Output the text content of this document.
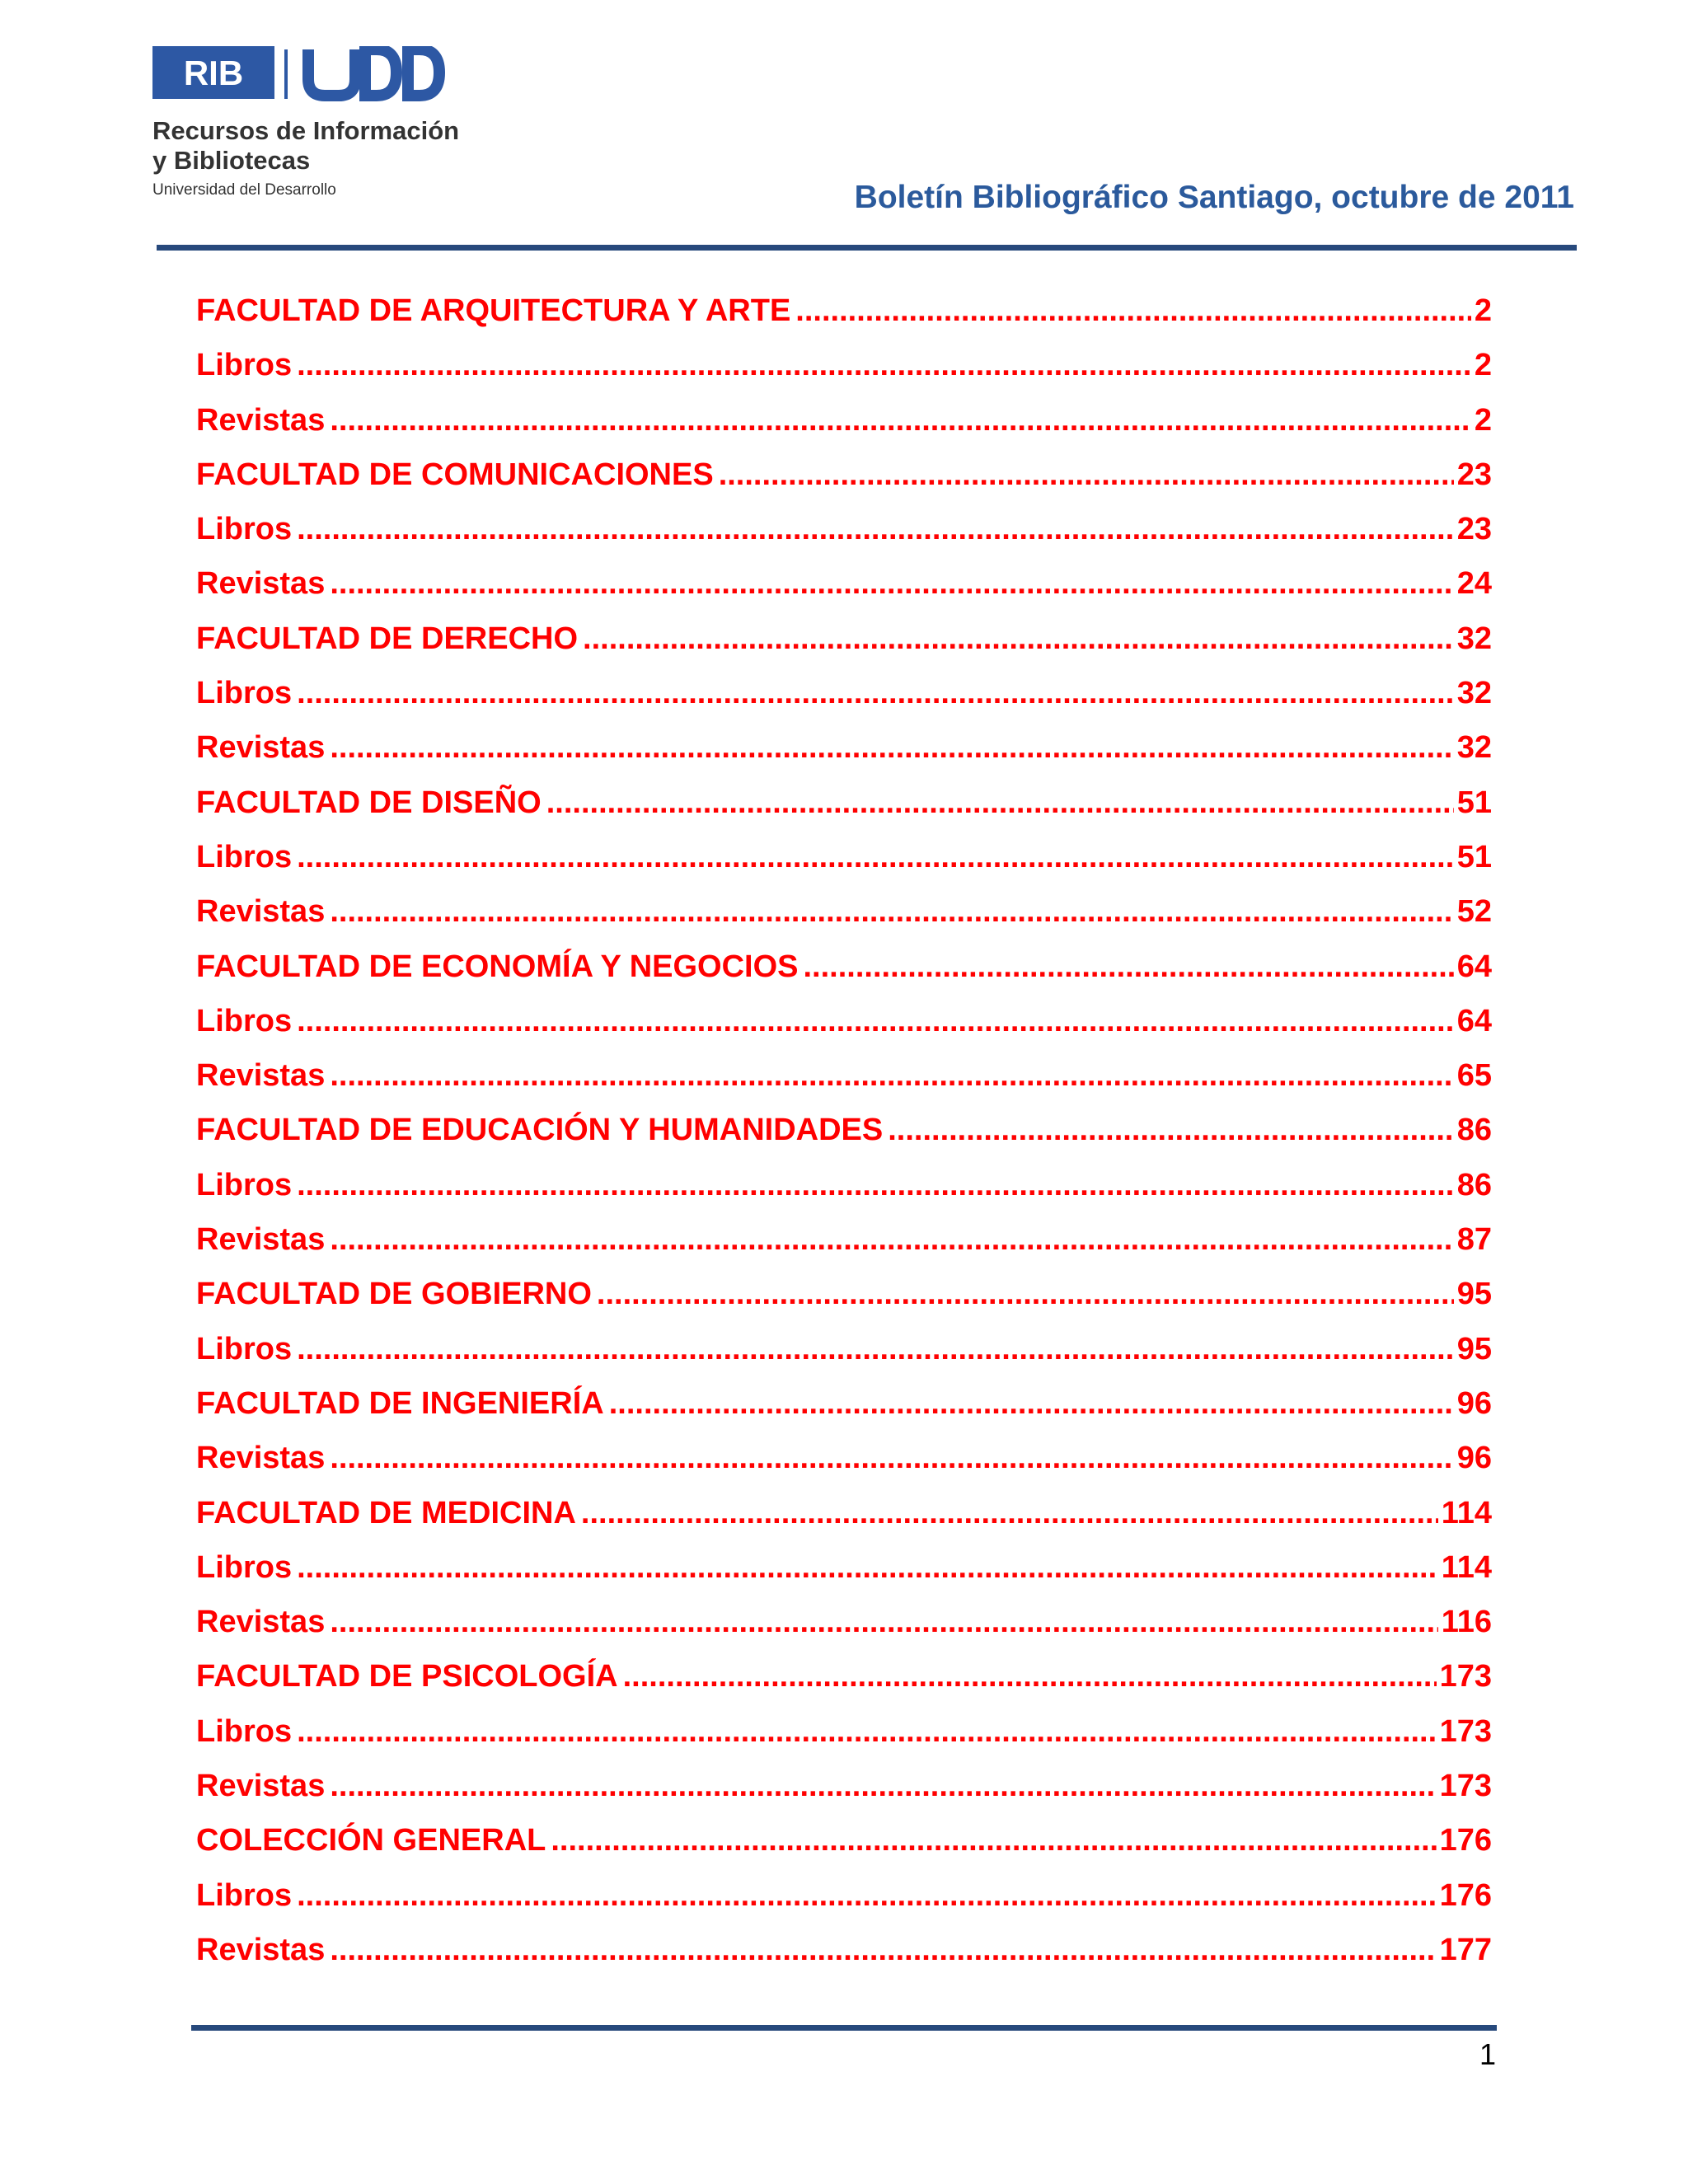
RIB
Recursos de Información
y Bibliotecas
Universidad del Desarrollo	Boletín Bibliográfico Santiago, octubre de 2011
FACULTAD DE ARQUITECTURA Y ARTE .....	2
Libros .....	2
Revistas .....	2
FACULTAD DE COMUNICACIONES .....	23
Libros .....	23
Revistas .....	24
FACULTAD DE DERECHO .....	32
Libros .....	32
Revistas .....	32
FACULTAD DE DISEÑO .....	51
Libros .....	51
Revistas .....	52
FACULTAD DE ECONOMÍA Y NEGOCIOS .....	64
Libros .....	64
Revistas .....	65
FACULTAD DE EDUCACIÓN Y HUMANIDADES .....	86
Libros .....	86
Revistas .....	87
FACULTAD DE GOBIERNO .....	95
Libros .....	95
FACULTAD DE INGENIERÍA .....	96
Revistas .....	96
FACULTAD DE MEDICINA .....	114
Libros .....	114
Revistas .....	116
FACULTAD DE PSICOLOGÍA .....	173
Libros .....	173
Revistas .....	173
COLECCIÓN GENERAL .....	176
Libros .....	176
Revistas .....	177
1
